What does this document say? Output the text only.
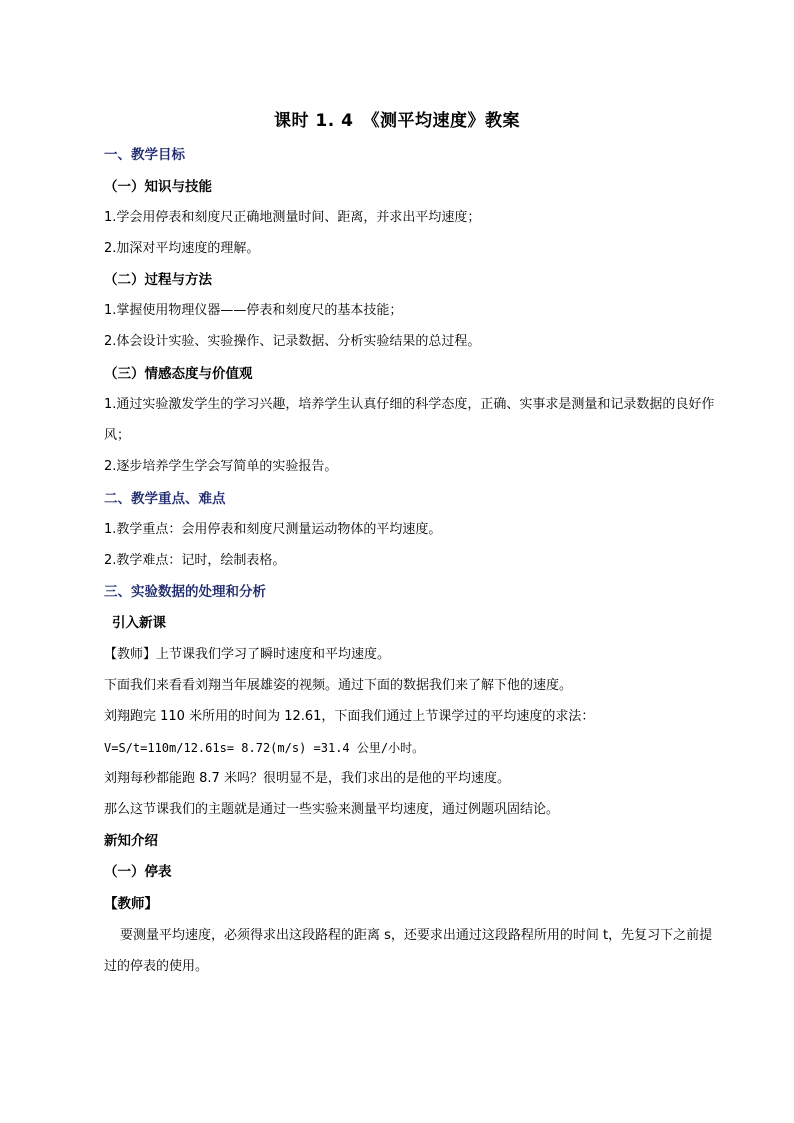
课时 1. 4　《测平均速度》教案
一、教学目标
（一）知识与技能
1.学会用停表和刻度尺正确地测量时间、距离，并求出平均速度；
2.加深对平均速度的理解。
（二）过程与方法
1.掌握使用物理仪器——停表和刻度尺的基本技能；
2.体会设计实验、实验操作、记录数据、分析实验结果的总过程。
（三）情感态度与价值观
1.通过实验激发学生的学习兴趣，培养学生认真仔细的科学态度，正确、实事求是测量和记录数据的良好作风；
2.逐步培养学生学会写简单的实验报告。
二、教学重点、难点
1.教学重点：会用停表和刻度尺测量运动物体的平均速度。
2.教学难点：记时，绘制表格。
三、实验数据的处理和分析
引入新课
【教师】上节课我们学习了瞬时速度和平均速度。
下面我们来看看刘翔当年展雄姿的视频。通过下面的数据我们来了解下他的速度。
刘翔跑完 110 米所用的时间为 12.61，下面我们通过上节课学过的平均速度的求法：
V=S/t=110m/12.61s= 8.72(m/s) =31.4 公里/小时。
刘翔每秒都能跑 8.7 米吗？很明显不是，我们求出的是他的平均速度。
那么这节课我们的主题就是通过一些实验来测量平均速度，通过例题巩固结论。
新知介绍
（一）停表
【教师】
要测量平均速度，必须得求出这段路程的距离 s，还要求出通过这段路程所用的时间 t，先复习下之前提过的停表的使用。
